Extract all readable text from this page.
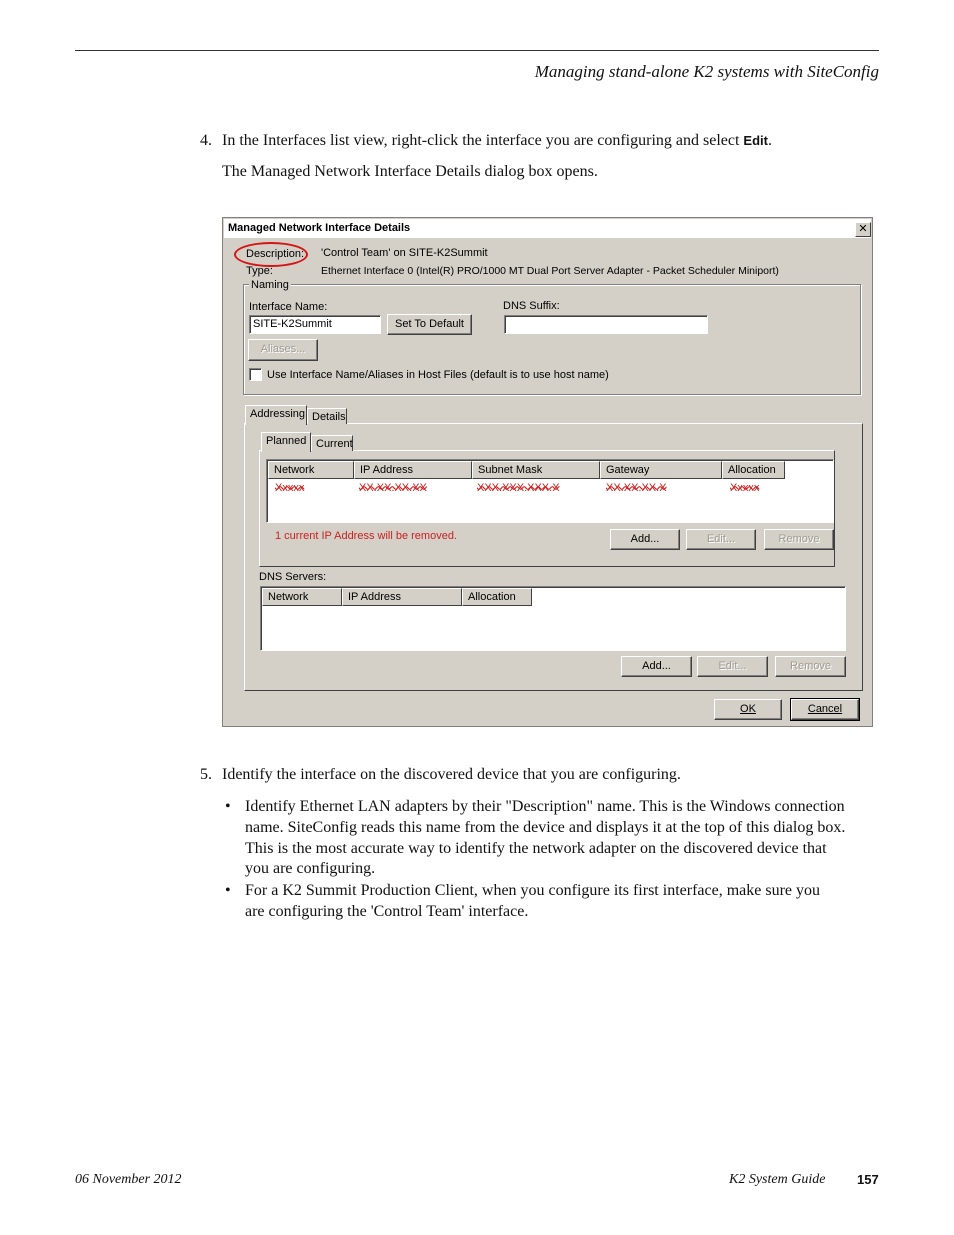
Managing stand-alone K2 systems with SiteConfig
4. In the Interfaces list view, right-click the interface you are configuring and select Edit.
The Managed Network Interface Details dialog box opens.
Managed Network Interface Details	✕
Description: 'Control Team' on SITE-K2Summit
Type:	Ethernet Interface 0 (Intel(R) PRO/1000 MT Dual Port Server Adapter - Packet Scheduler Miniport)
Naming
Interface Name:
SITE-K2Summit	Set To Default
DNS Suffix:
Aliases...
Use Interface Name/Aliases in Host Files (default is to use host name)
Addressing Details
Planned Current
Network	IP Address	Subnet Mask	Gateway	Allocation
Xxxxx	XX.XX.XX.XX	XXX.XXX.XXX.X	XX.XX.XX.X	Xxxxx
1 current IP Address will be removed.	Add...	Edit...	Remove
DNS Servers:
Network	IP Address	Allocation
Add...	Edit...	Remove
OK	Cancel
5. Identify the interface on the discovered device that you are configuring.
• Identify Ethernet LAN adapters by their "Description" name. This is the Windows connection
name. SiteConfig reads this name from the device and displays it at the top of this dialog box.
This is the most accurate way to identify the network adapter on the discovered device that
you are configuring.
• For a K2 Summit Production Client, when you configure its first interface, make sure you
are configuring the 'Control Team' interface.
06 November 2012	K2 System Guide 157
